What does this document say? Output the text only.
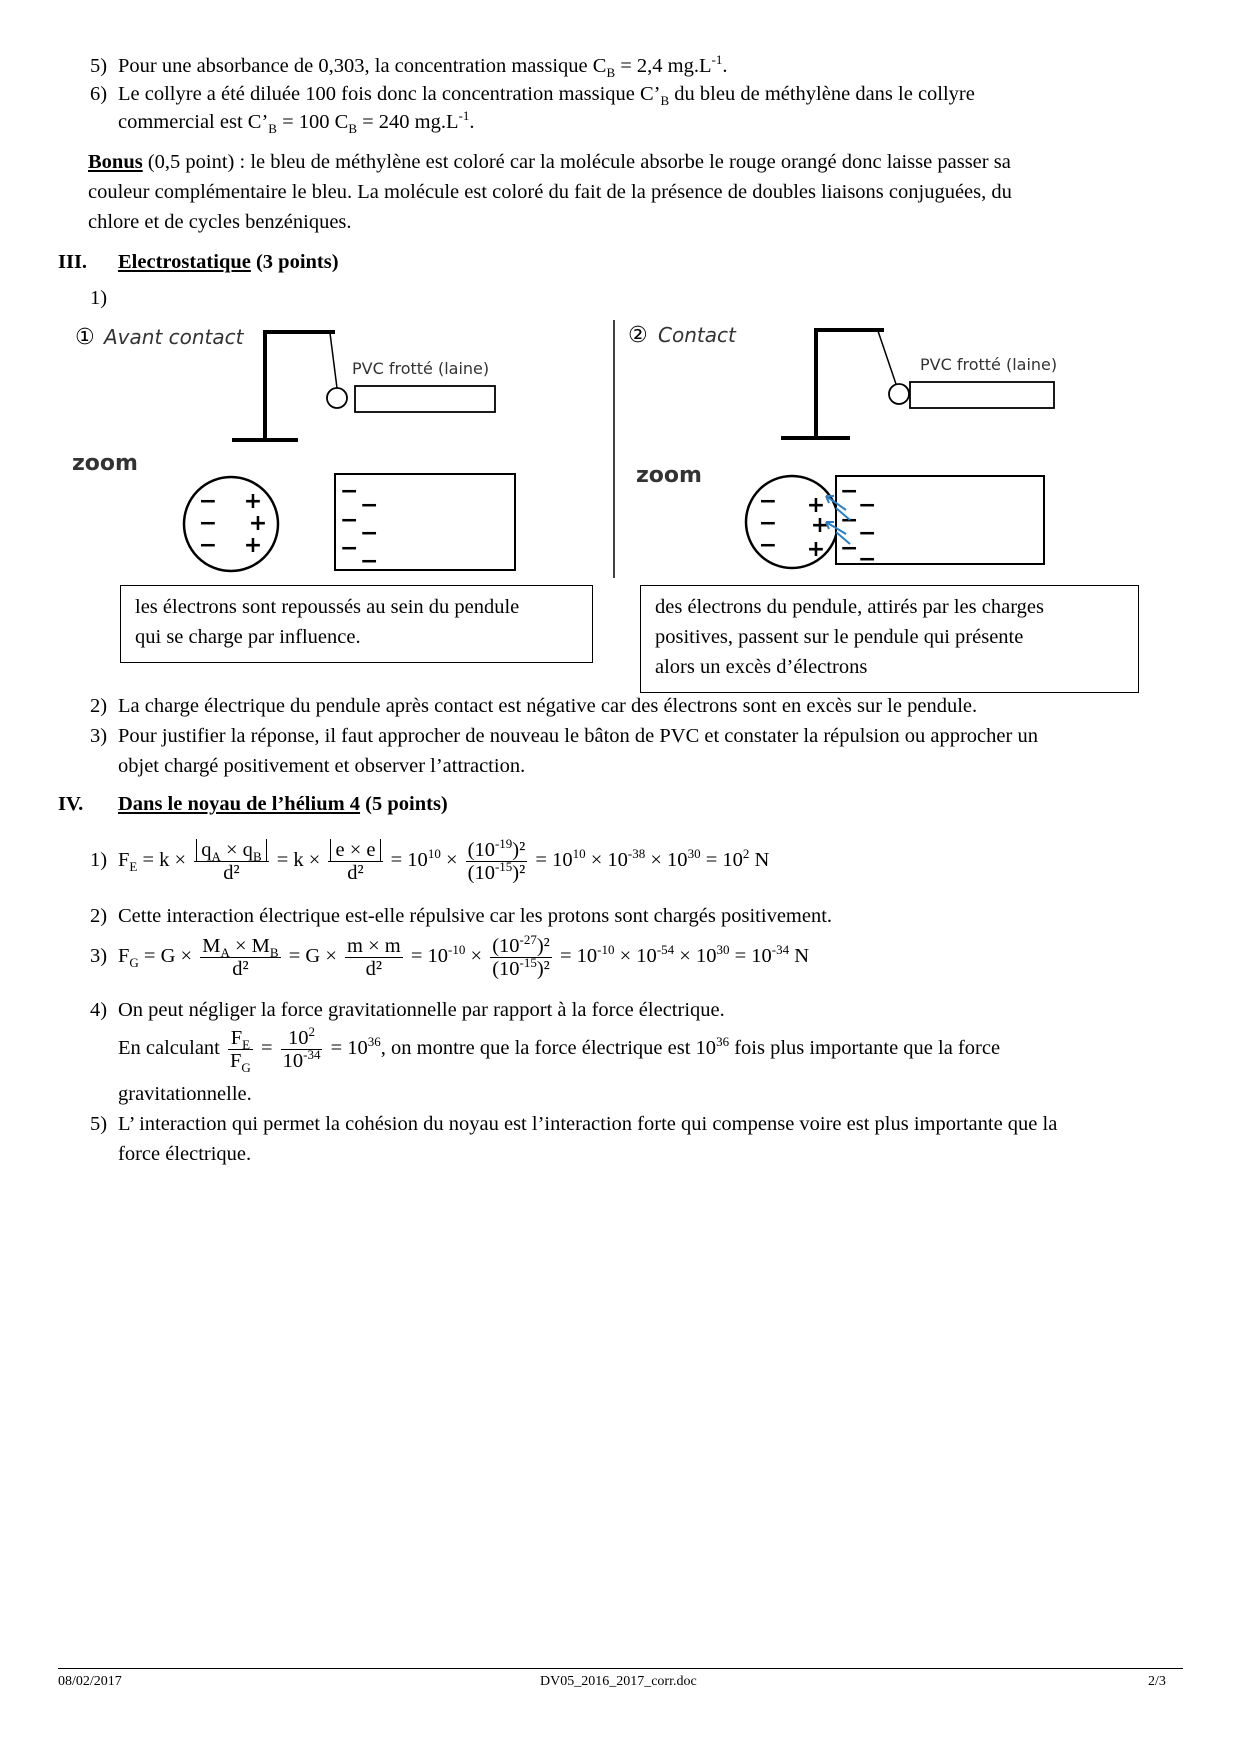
5) Pour une absorbance de 0,303, la concentration massique $C_B = 2,4$ $mg.L^{-1}$.
6) Le collyre a été diluée 100 fois donc la concentration massique $C’_B$ du bleu de méthylène dans le collyre
commercial est $C’_B = 100$ $C_B = 240$ $mg.L^{-1}$.
Bonus (0,5 point) : le bleu de méthylène est coloré car la molécule absorbe le rouge orangé donc laisse passer sa
couleur complémentaire le bleu. La molécule est coloré du fait de la présence de doubles liaisons conjuguées, du
chlore et de cycles benzéniques.
III. Electrostatique (3 points)
1)
① Avant contact
PVC frotté (laine)
zoom
−
−
−
+
+
+
−
−
−
−
−
−
② Contact
PVC frotté (laine)
zoom
−
−
−
+
+
+
−
−
−
−
− −
les électrons sont repoussés au sein du pendule
qui se charge par influence.
des électrons du pendule, attirés par les charges
positives, passent sur le pendule qui présente
alors un excès d’électrons
2) La charge électrique du pendule après contact est négative car des électrons sont en excès sur le pendule.
3) Pour justifier la réponse, il faut approcher de nouveau le bâton de PVC et constater la répulsion ou approcher un
objet chargé positivement et observer l’attraction.
IV. Dans le noyau de l’hélium 4 (5 points)
1) $F_E = k \times \frac{q_A \times q_B}{\text{d²}} = k \times \frac{e \times e}{\text{d²}} = 10^{10} \times \frac{(10^{-19})^2}{(10^{-15})^2} = 10^{10} \times 10^{-38} \times 10^{30} = 10^2$ N
2) Cette interaction électrique est-elle répulsive car les protons sont chargés positivement.
3) $F_G = G \times \frac{M_A \times M_B}{\text{d²}} = G \times \frac{m \times m}{\text{d²}} = 10^{-10} \times \frac{(10^{-27})^2}{(10^{-15})^2} = 10^{-10} \times 10^{-54} \times 10^{30} = 10^{-34}$ N
4) On peut négliger la force gravitationnelle par rapport à la force électrique.
En calculant $\frac{F_E}{F_G} = \frac{10^2}{10^{-34}} = 10^{36}$, on montre que la force électrique est $10^{36}$ fois plus importante que la force
gravitationnelle.
5) L’ interaction qui permet la cohésion du noyau est l’interaction forte qui compense voire est plus importante que la
force électrique.
08/02/2017	DV05_2016_2017_corr.doc	2/3
